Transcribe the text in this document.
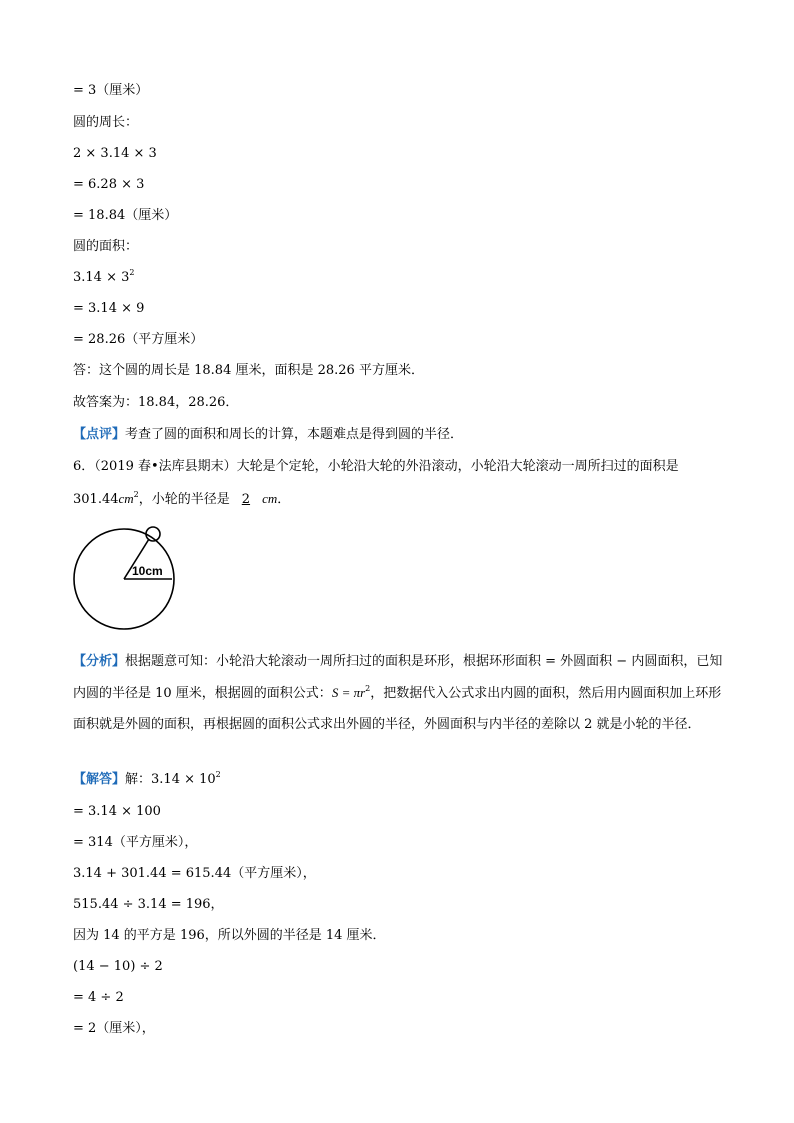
= 3（厘米）
圆的周长：
2 × 3.14 × 3
= 6.28 × 3
= 18.84（厘米）
圆的面积：
$3.14 \times 3^2$
= 3.14 × 9
= 28.26（平方厘米）
答：这个圆的周长是 18.84 厘米，面积是 28.26 平方厘米．
故答案为：18.84，28.26．
【点评】考查了圆的面积和周长的计算，本题难点是得到圆的半径．
6．（2019 春•法库县期末）大轮是个定轮，小轮沿大轮的外沿滚动，小轮沿大轮滚动一周所扫过的面积是
$301.44cm^2$，小轮的半径是 2 cm．
10cm
【分析】根据题意可知：小轮沿大轮滚动一周所扫过的面积是环形，根据环形面积 = 外圆面积 − 内圆面积，已知内圆的半径是 10 厘米，根据圆的面积公式：$S = \pi r^2$，把数据代入公式求出内圆的面积，然后用内圆面积加上环形面积就是外圆的面积，再根据圆的面积公式求出外圆的半径，外圆面积与内半径的差除以 2 就是小轮的半径．
【解答】解：$3.14 \times 10^2$
= 3.14 × 100
= 314（平方厘米），
3.14 + 301.44 = 615.44（平方厘米），
515.44 ÷ 3.14 = 196，
因为 14 的平方是 196，所以外圆的半径是 14 厘米．
(14 − 10) ÷ 2
= 4 ÷ 2
= 2（厘米），
